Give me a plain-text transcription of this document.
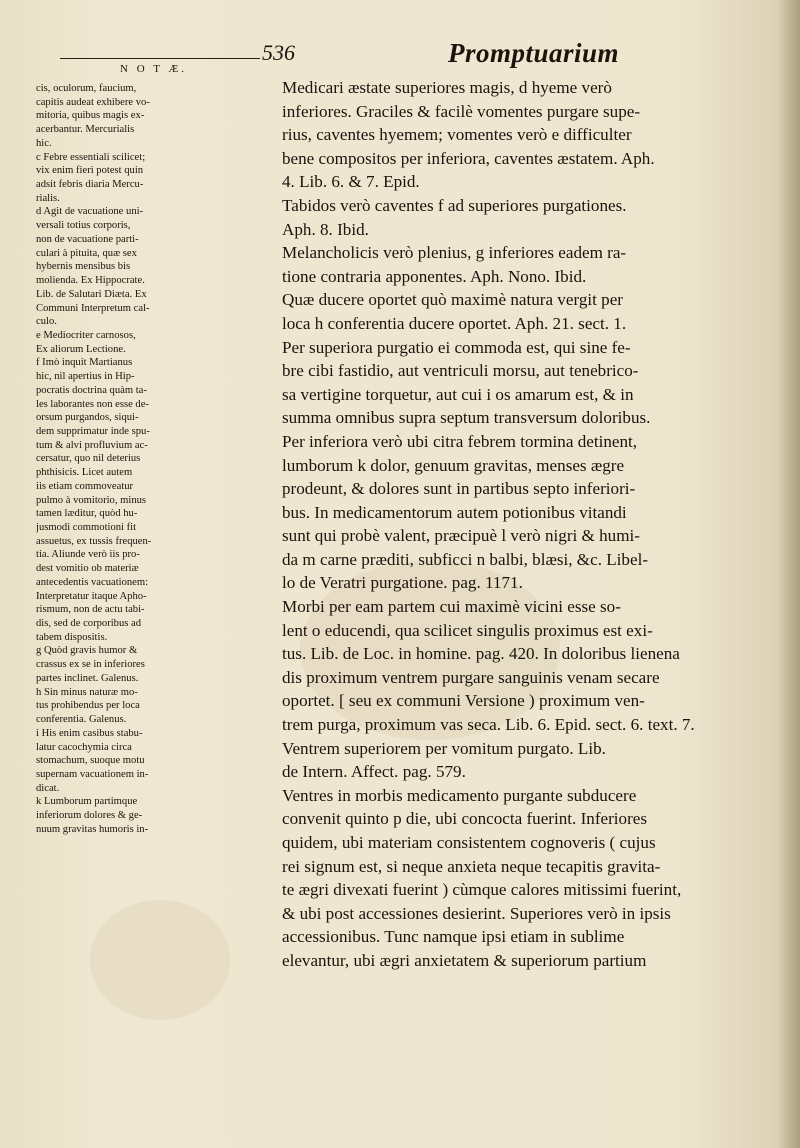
N O T Æ.
536	Promptuarium
cis, oculorum, faucium,
capitis audeat exhibere vo-
mitoria, quibus magis ex-
acerbantur. Mercurialis
hic.
c Febre essentiali scilicet;
vix enim fieri potest quin
adsit febris diaria Mercu-
rialis.
d Agit de vacuatione uni-
versali totius corporis,
non de vacuatione parti-
culari à pituita, quæ sex
hybernis mensibus bis
molienda. Ex Hippocrate.
Lib. de Salutari Diæta. Ex
Communi Interpretum cal-
culo.
e Mediocriter carnosos,
Ex aliorum Lectione.
f Imò inquit Martianus
hic, nil apertius in Hip-
pocratis doctrina quàm ta-
les laborantes non esse de-
orsum purgandos, siqui-
dem supprimatur inde spu-
tum & alvi profluvium ac-
cersatur, quo nil deterius
phthisicis. Licet autem
iis etiam commoveatur
pulmo à vomitorio, minus
tamen læditur, quòd hu-
jusmodi commotioni fit
assuetus, ex tussis frequen-
tia. Aliunde verò iis pro-
dest vomitio ob materiæ
antecedentis vacuationem:
Interpretatur itaque Apho-
rismum, non de actu tabi-
dis, sed de corporibus ad
tabem dispositis.
g Quòd gravis humor &
crassus ex se in inferiores
partes inclinet. Galenus.
h Sin minus naturæ mo-
tus prohibendus per loca
conferentia. Galenus.
i His enim casibus stabu-
latur cacochymia circa
stomachum, suoque motu
supernam vacuationem in-
dicat.
k Lumborum partimque
inferiorum dolores & ge-
nuum gravitas humoris in-
Medicari æstate superiores magis, d hyeme verò
inferiores. Graciles & facilè vomentes purgare supe-
rius, caventes hyemem; vomentes verò e difficulter
bene compositos per inferiora, caventes æstatem. Aph.
4. Lib. 6. & 7. Epid.
Tabidos verò caventes f ad superiores purgationes.
Aph. 8. Ibid.
Melancholicis verò plenius, g inferiores eadem ra-
tione contraria apponentes. Aph. Nono. Ibid.
Quæ ducere oportet quò maximè natura vergit per
loca h conferentia ducere oportet. Aph. 21. sect. 1.
Per superiora purgatio ei commoda est, qui sine fe-
bre cibi fastidio, aut ventriculi morsu, aut tenebrico-
sa vertigine torquetur, aut cui i os amarum est, & in
summa omnibus supra septum transversum doloribus.
Per inferiora verò ubi citra febrem tormina detinent,
lumborum k dolor, genuum gravitas, menses ægre
prodeunt, & dolores sunt in partibus septo inferiori-
bus. In medicamentorum autem potionibus vitandi
sunt qui probè valent, præcipuè l verò nigri & humi-
da m carne præditi, subficci n balbi, blæsi, &c. Libel-
lo de Veratri purgatione. pag. 1171.
Morbi per eam partem cui maximè vicini esse so-
lent o educendi, qua scilicet singulis proximus est exi-
tus. Lib. de Loc. in homine. pag. 420. In doloribus lienena
dis proximum ventrem purgare sanguinis venam secare
oportet. [ seu ex communi Versione ) proximum ven-
trem purga, proximum vas seca. Lib. 6. Epid. sect. 6. text. 7.
Ventrem superiorem per vomitum purgato. Lib.
de Intern. Affect. pag. 579.
Ventres in morbis medicamento purgante subducere
convenit quinto p die, ubi concocta fuerint. Inferiores
quidem, ubi materiam consistentem cognoveris ( cujus
rei signum est, si neque anxieta neque tecapitis gravita-
te ægri divexati fuerint ) cùmque calores mitissimi fuerint,
& ubi post accessiones desierint. Superiores verò in ipsis
accessionibus. Tunc namque ipsi etiam in sublime
elevantur, ubi ægri anxietatem & superiorum partium
